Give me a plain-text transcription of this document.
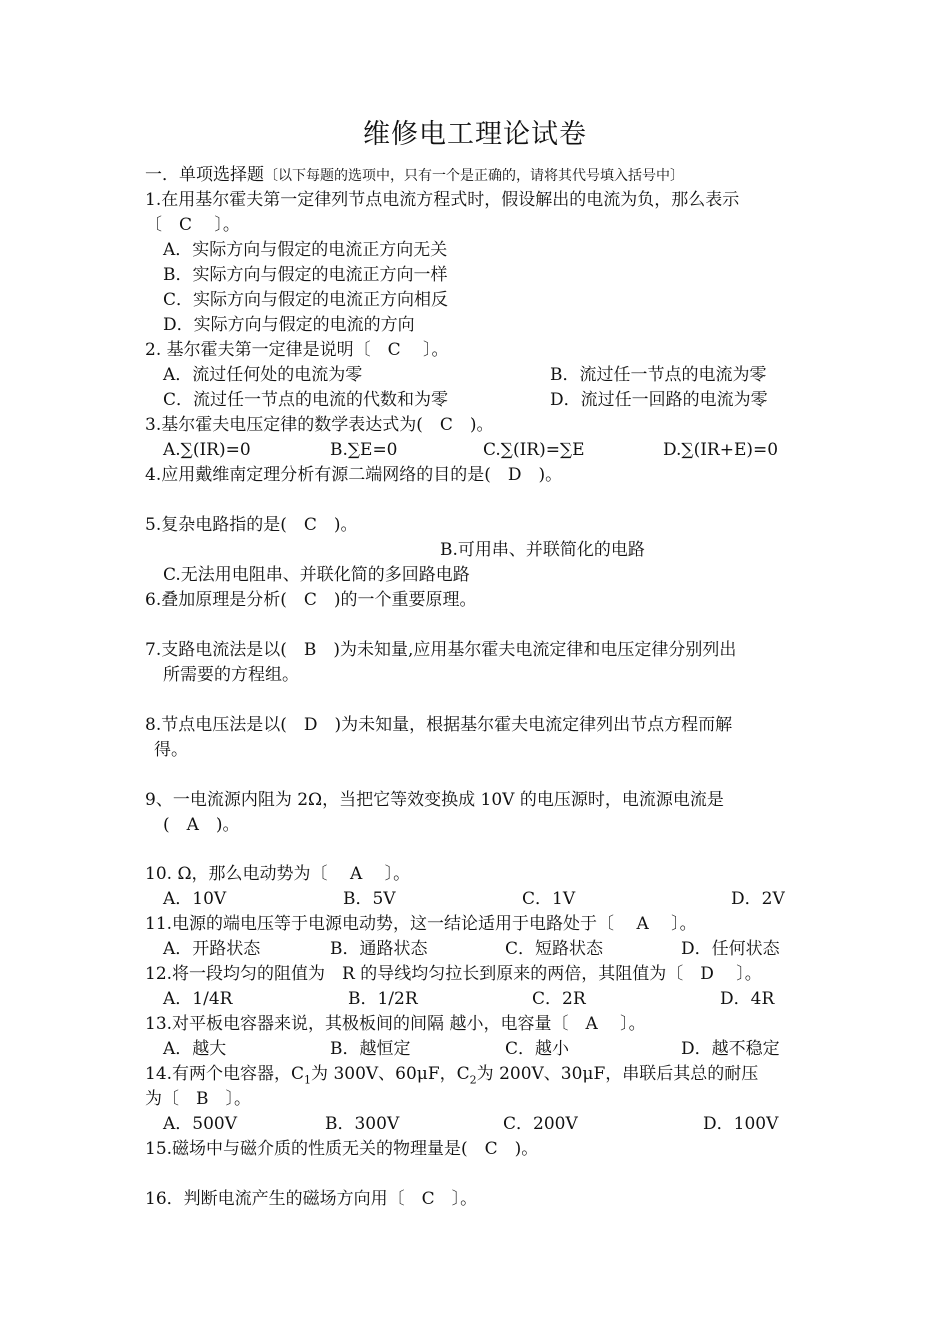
维修电工理论试卷
一．单项选择题〔以下每题的选项中，只有一个是正确的，请将其代号填入括号中〕
1.在用基尔霍夫第一定律列节点电流方程式时，假设解出的电流为负，那么表示
〔　C　 〕。
A．实际方向与假定的电流正方向无关
B．实际方向与假定的电流正方向一样
C．实际方向与假定的电流正方向相反
D．实际方向与假定的电流的方向
2. 基尔霍夫第一定律是说明〔　C　 〕。
A．流过任何处的电流为零	B．流过任一节点的电流为零
C．流过任一节点的电流的代数和为零	D．流过任一回路的电流为零
3.基尔霍夫电压定律的数学表达式为(　C　)。
A.∑(IR)=0	B.∑E=0	C.∑(IR)=∑E	D.∑(IR+E)=0
4.应用戴维南定理分析有源二端网络的目的是(　D　)。
5.复杂电路指的是(　C　)。
B.可用串、并联简化的电路
C.无法用电阻串、并联化简的多回路电路
6.叠加原理是分析(　C　)的一个重要原理。
7.支路电流法是以(　B　)为未知量,应用基尔霍夫电流定律和电压定律分别列出
所需要的方程组。
8.节点电压法是以(　D　)为未知量，根据基尔霍夫电流定律列出节点方程而解
得。
9、一电流源内阻为 2Ω，当把它等效变换成 10V 的电压源时，电流源电流是
(　A　)。
10. Ω，那么电动势为〔　 A　 〕。
A．10V	B．5V	C．1V	D．2V
11.电源的端电压等于电源电动势，这一结论适用于电路处于〔　 A　 〕。
A．开路状态	B．通路状态	C．短路状态	D．任何状态
12.将一段均匀的阻值为　R 的导线均匀拉长到原来的两倍，其阻值为〔　D　 〕。
A．1/4R	B．1/2R	C．2R	D．4R
13.对平板电容器来说，其极板间的间隔 越小，电容量〔　A　 〕。
A．越大	B．越恒定	C．越小	D．越不稳定
14.有两个电容器，$C_1$为 300V、60μF，$C_2$为 200V、30μF，串联后其总的耐压
为〔　B　〕。
A．500V	B．300V	C．200V	D．100V
15.磁场中与磁介质的性质无关的物理量是(　C　)。
16．判断电流产生的磁场方向用〔　C　〕。
